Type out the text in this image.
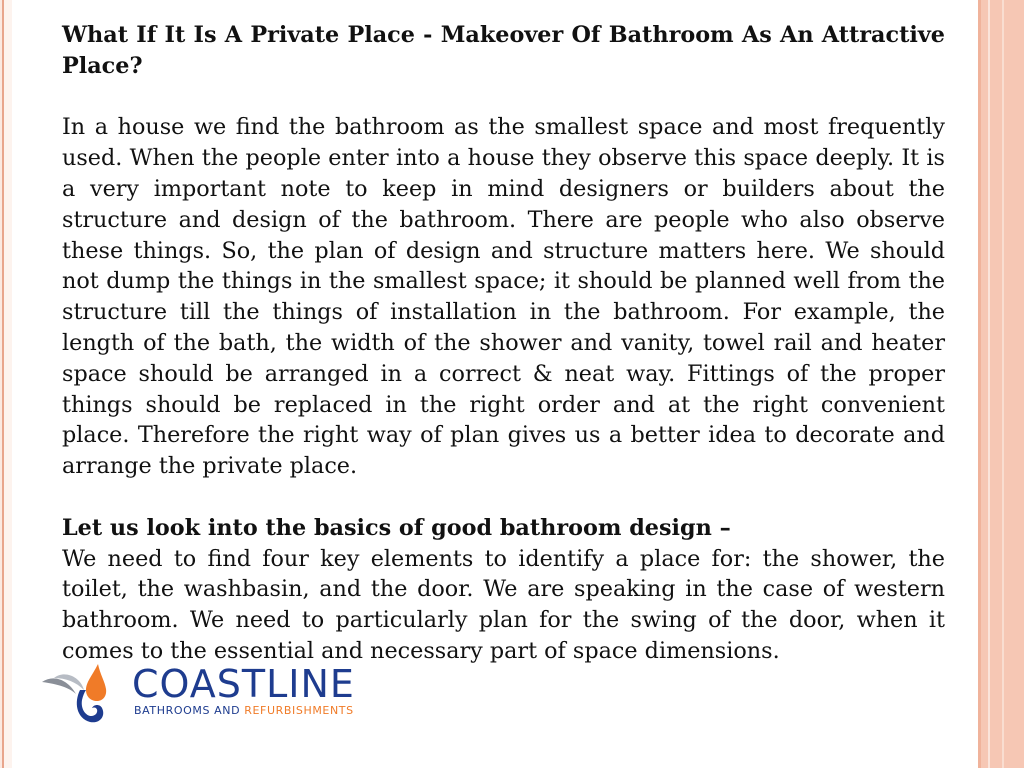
What If It Is A Private Place - Makeover Of Bathroom As An Attractive Place?

In a house we find the bathroom as the smallest space and most frequently used. When the people enter into a house they observe this space deeply. It is a very important note to keep in mind designers or builders about the structure and design of the bathroom. There are people who also observe these things. So, the plan of design and structure matters here. We should not dump the things in the smallest space; it should be planned well from the structure till the things of installation in the bathroom. For example, the length of the bath, the width of the shower and vanity, towel rail and heater space should be arranged in a correct & neat way. Fittings of the proper things should be replaced in the right order and at the right convenient place. Therefore the right way of plan gives us a better idea to decorate and arrange the private place.

Let us look into the basics of good bathroom design –

We need to find four key elements to identify a place for: the shower, the toilet, the washbasin, and the door. We are speaking in the case of western bathroom. We need to particularly plan for the swing of the door, when it comes to the essential and necessary part of space dimensions.

COASTLINE
BATHROOMS AND REFURBISHMENTS
